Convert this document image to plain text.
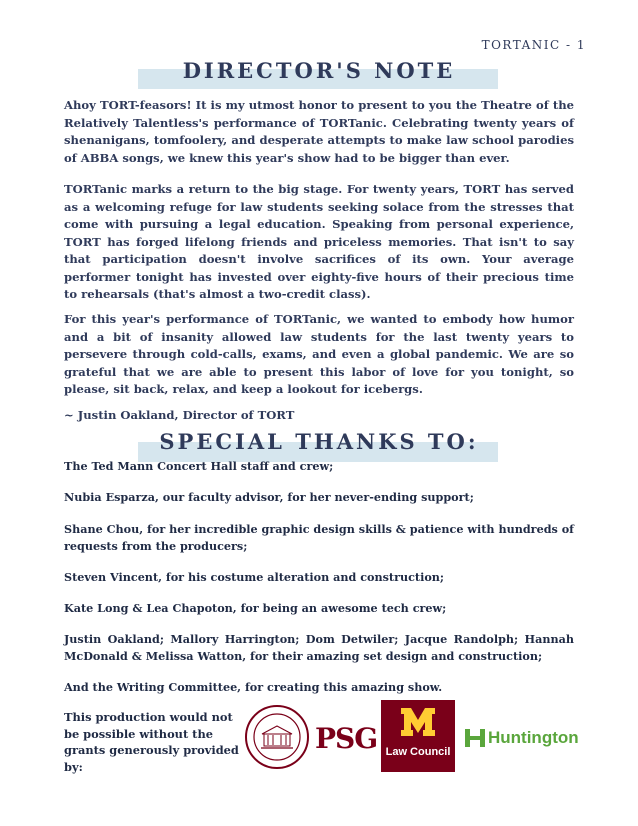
TORTANIC - 1
DIRECTOR'S NOTE
Ahoy TORT-feasors! It is my utmost honor to present to you the Theatre of the Relatively Talentless's performance of TORTanic. Celebrating twenty years of shenanigans, tomfoolery, and desperate attempts to make law school parodies of ABBA songs, we knew this year's show had to be bigger than ever.
TORTanic marks a return to the big stage. For twenty years, TORT has served as a welcoming refuge for law students seeking solace from the stresses that come with pursuing a legal education. Speaking from personal experience, TORT has forged lifelong friends and priceless memories. That isn't to say that participation doesn't involve sacrifices of its own. Your average performer tonight has invested over eighty-five hours of their precious time to rehearsals (that's almost a two-credit class).
For this year's performance of TORTanic, we wanted to embody how humor and a bit of insanity allowed law students for the last twenty years to persevere through cold-calls, exams, and even a global pandemic. We are so grateful that we are able to present this labor of love for you tonight, so please, sit back, relax, and keep a lookout for icebergs.
~ Justin Oakland, Director of TORT
SPECIAL THANKS TO:
The Ted Mann Concert Hall staff and crew;
Nubia Esparza, our faculty advisor, for her never-ending support;
Shane Chou, for her incredible graphic design skills & patience with hundreds of requests from the producers;
Steven Vincent, for his costume alteration and construction;
Kate Long & Lea Chapoton, for being an awesome tech crew;
Justin Oakland; Mallory Harrington; Dom Detwiler; Jacque Randolph; Hannah McDonald & Melissa Watton, for their amazing set design and construction;
And the Writing Committee, for creating this amazing show.
This production would not be possible without the grants generously provided by:
PSG Law Council
Huntington
